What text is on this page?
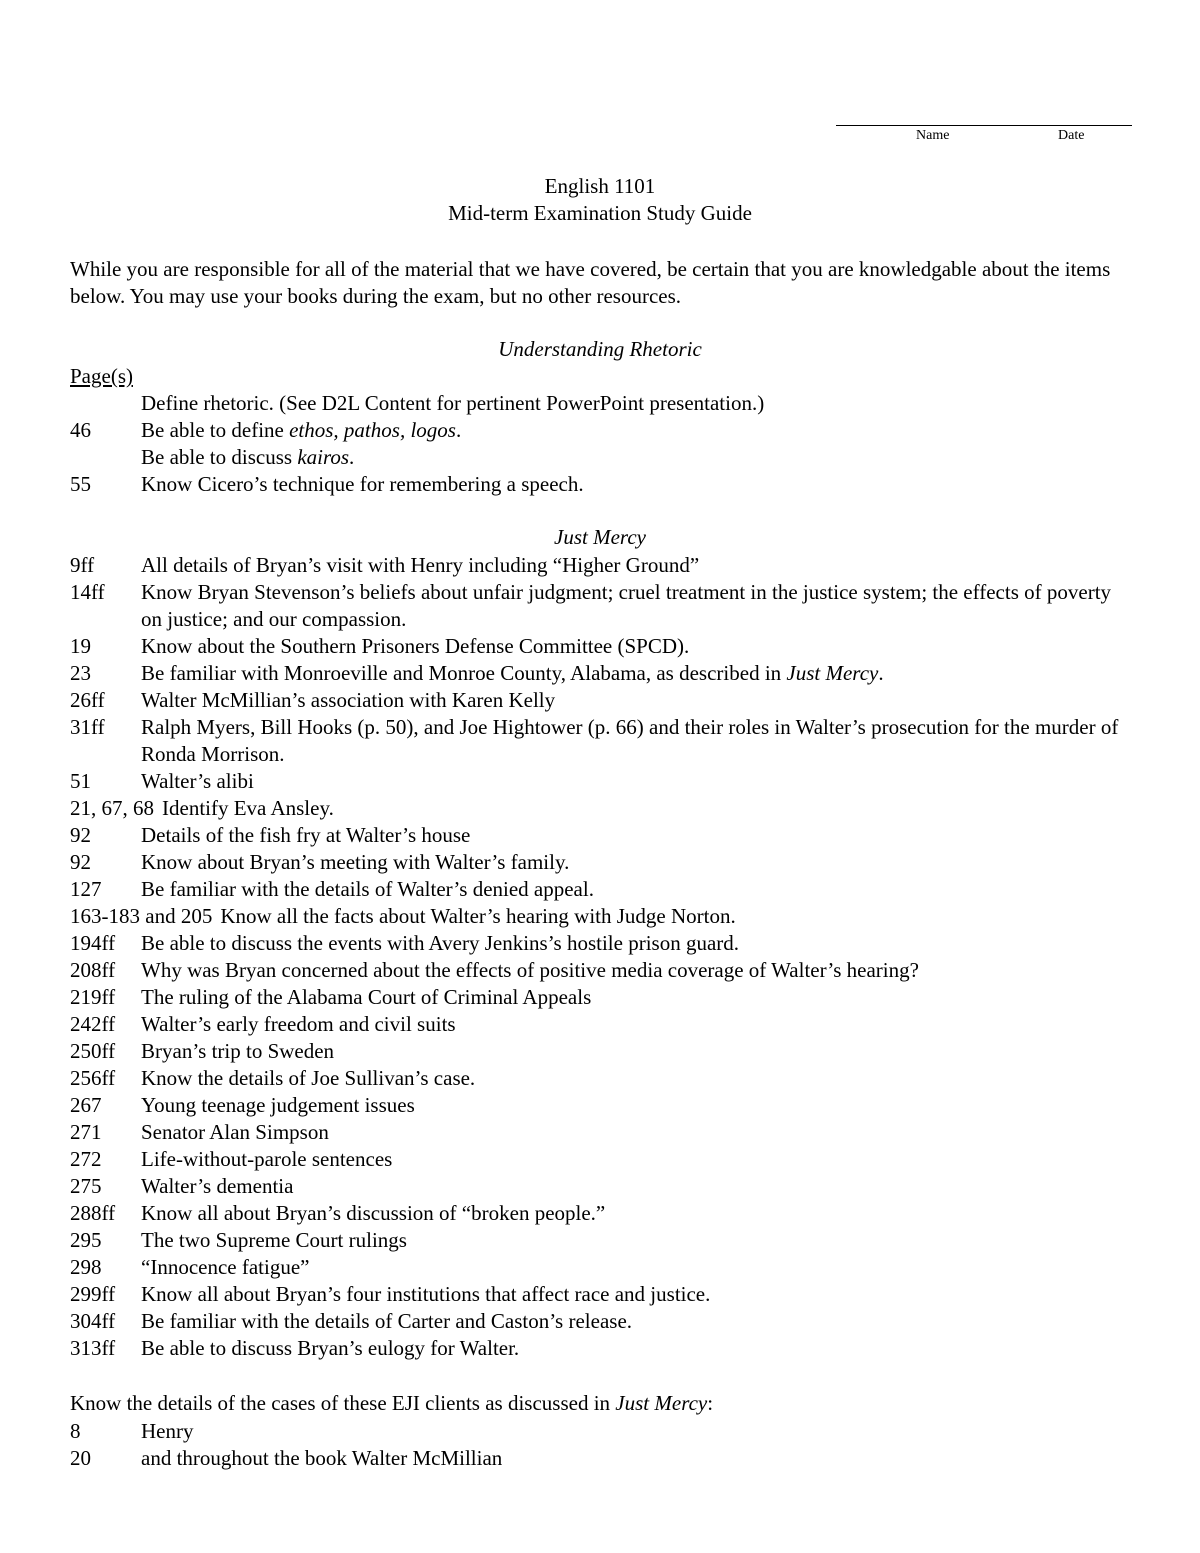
Name	Date
English 1101
Mid-term Examination Study Guide

While you are responsible for all of the material that we have covered, be certain that you are knowledgable about the items below. You may use your books during the exam, but no other resources.

Understanding Rhetoric
Page(s)
Define rhetoric. (See D2L Content for pertinent PowerPoint presentation.)
46 Be able to define ethos, pathos, logos.
Be able to discuss kairos.
55 Know Cicero’s technique for remembering a speech.
Just Mercy
9ff All details of Bryan’s visit with Henry including “Higher Ground”
14ff Know Bryan Stevenson’s beliefs about unfair judgment; cruel treatment in the justice system; the effects of poverty on justice; and our compassion.
19 Know about the Southern Prisoners Defense Committee (SPCD).
23 Be familiar with Monroeville and Monroe County, Alabama, as described in Just Mercy.
26ff Walter McMillian’s association with Karen Kelly
31ff Ralph Myers, Bill Hooks (p. 50), and Joe Hightower (p. 66) and their roles in Walter’s prosecution for the murder of Ronda Morrison.
51 Walter’s alibi
21, 67, 68 Identify Eva Ansley.
92 Details of the fish fry at Walter’s house
92 Know about Bryan’s meeting with Walter’s family.
127 Be familiar with the details of Walter’s denied appeal.
163-183 and 205 Know all the facts about Walter’s hearing with Judge Norton.
194ff Be able to discuss the events with Avery Jenkins’s hostile prison guard.
208ff Why was Bryan concerned about the effects of positive media coverage of Walter’s hearing?
219ff The ruling of the Alabama Court of Criminal Appeals
242ff Walter’s early freedom and civil suits
250ff Bryan’s trip to Sweden
256ff Know the details of Joe Sullivan’s case.
267 Young teenage judgement issues
271 Senator Alan Simpson
272 Life-without-parole sentences
275 Walter’s dementia
288ff Know all about Bryan’s discussion of “broken people.”
295 The two Supreme Court rulings
298 “Innocence fatigue”
299ff Know all about Bryan’s four institutions that affect race and justice.
304ff Be familiar with the details of Carter and Caston’s release.
313ff Be able to discuss Bryan’s eulogy for Walter.
Know the details of the cases of these EJI clients as discussed in Just Mercy:
8	Henry
20 and throughout the book Walter McMillian
